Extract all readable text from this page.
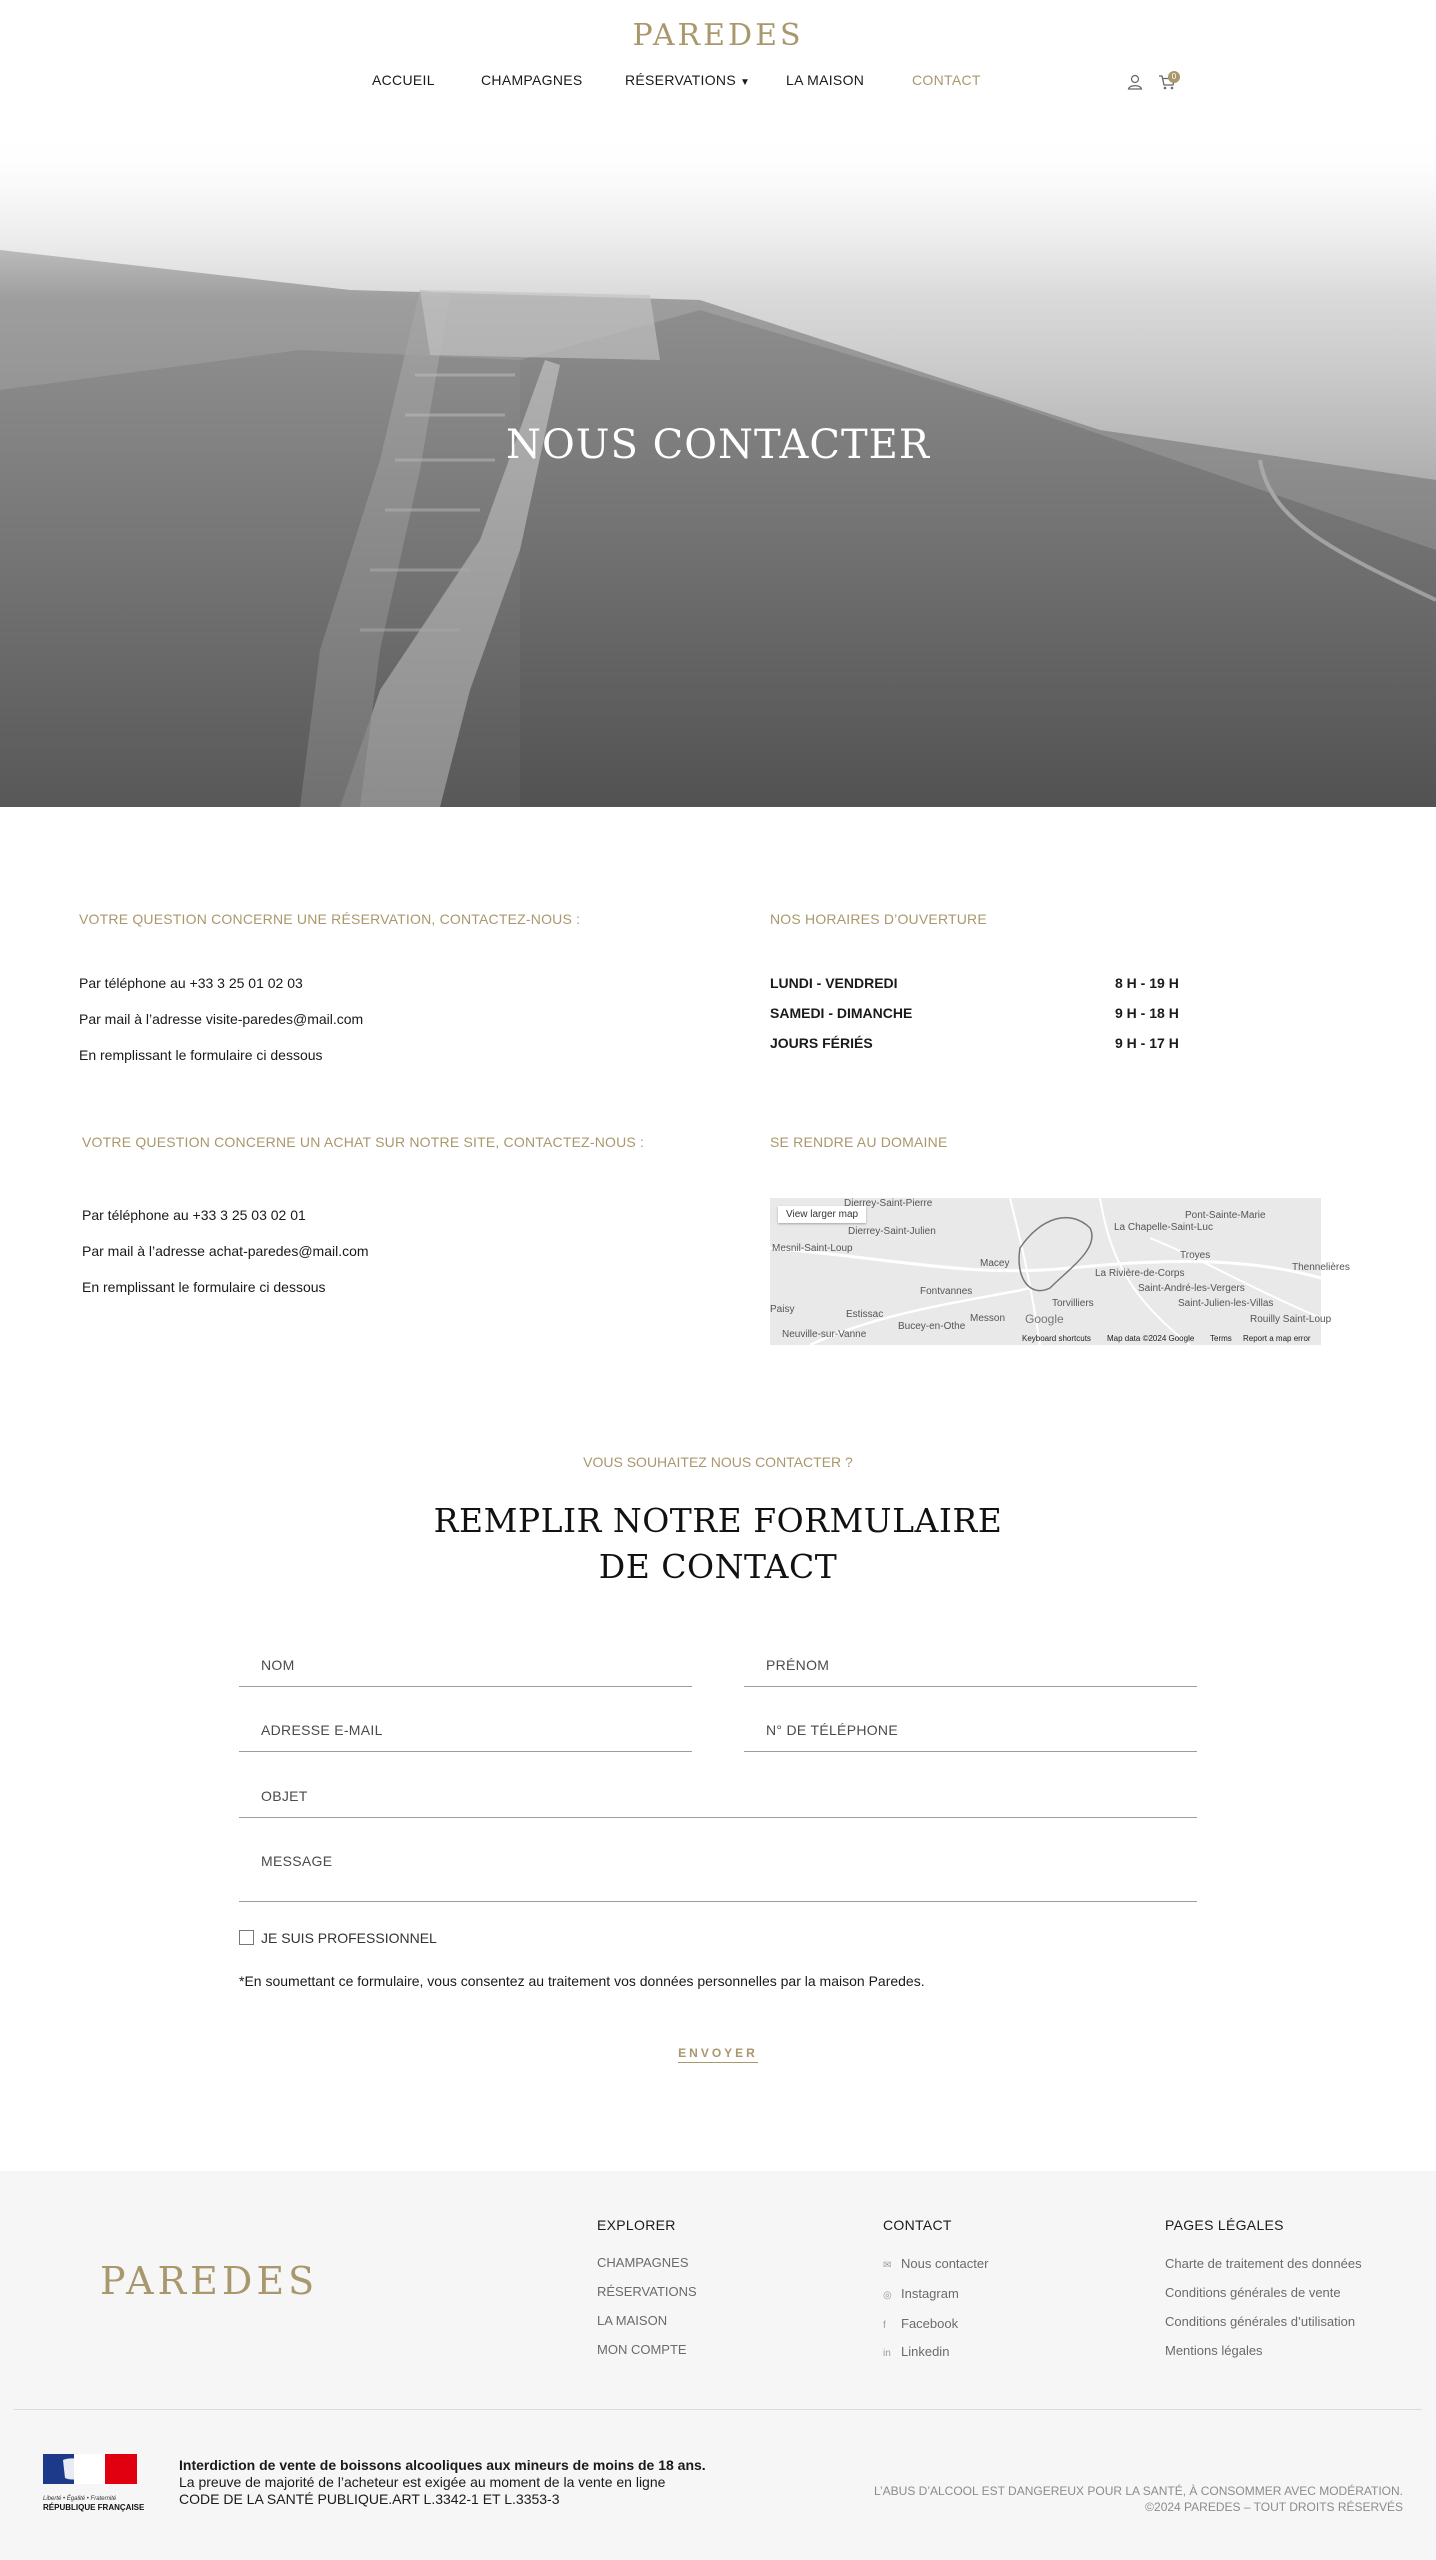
PAREDES
ACCUEIL	CHAMPAGNES	RÉSERVATIONS ▼	LA MAISON	CONTACT	0
NOUS CONTACTER
VOTRE QUESTION CONCERNE UNE RÉSERVATION, CONTACTEZ-NOUS :
Par téléphone au +33 3 25 01 02 03
Par mail à l’adresse visite-paredes@mail.com
En remplissant le formulaire ci dessous
NOS HORAIRES D’OUVERTURE
LUNDI - VENDREDI	8 H - 19 H
SAMEDI - DIMANCHE	9 H - 18 H
JOURS FÉRIÉS	9 H - 17 H
VOTRE QUESTION CONCERNE UN ACHAT SUR NOTRE SITE, CONTACTEZ-NOUS :
Par téléphone au +33 3 25 03 02 01
Par mail à l’adresse achat-paredes@mail.com
En remplissant le formulaire ci dessous
SE RENDRE AU DOMAINE
View larger map
Dierrey-Saint-Pierre
Dierrey-Saint-Julien
Mesnil-Saint-Loup
La Chapelle-Saint-Luc
Pont-Sainte-Marie
Troyes
Macey
Fontvannes
La Rivière-de-Corps
Saint-André-les-Vergers
Saint-Julien-les-Villas
Torvilliers
Estissac
Bucey-en-Othe
Messon
Neuville-sur-Vanne
Paisy
Rouilly Saint-Loup
Thennelières
Google
Keyboard shortcuts Map data ©2024 Google Terms Report a map error
VOUS SOUHAITEZ NOUS CONTACTER ?
REMPLIR NOTRE FORMULAIRE
DE CONTACT
NOM
PRÉNOM
ADRESSE E-MAIL
N° DE TÉLÉPHONE
OBJET
MESSAGE
JE SUIS PROFESSIONNEL
*En soumettant ce formulaire, vous consentez au traitement vos données personnelles par la maison Paredes.
ENVOYER
PAREDES
EXPLORER
CHAMPAGNES
RÉSERVATIONS
LA MAISON
MON COMPTE
CONTACT
✉ Nous contacter
◎ Instagram
f Facebook
in Linkedin
PAGES LÉGALES
Charte de traitement des données
Conditions générales de vente
Conditions générales d’utilisation
Mentions légales
Liberté • Égalité • Fraternité
RÉPUBLIQUE FRANÇAISE
Interdiction de vente de boissons alcooliques aux mineurs de moins de 18 ans.
La preuve de majorité de l’acheteur est exigée au moment de la vente en ligne
CODE DE LA SANTÉ PUBLIQUE.ART L.3342-1 ET L.3353-3	L’ABUS D’ALCOOL EST DANGEREUX POUR LA SANTÉ, À CONSOMMER AVEC MODÉRATION.
©2024 PAREDES – TOUT DROITS RÉSERVÉS
